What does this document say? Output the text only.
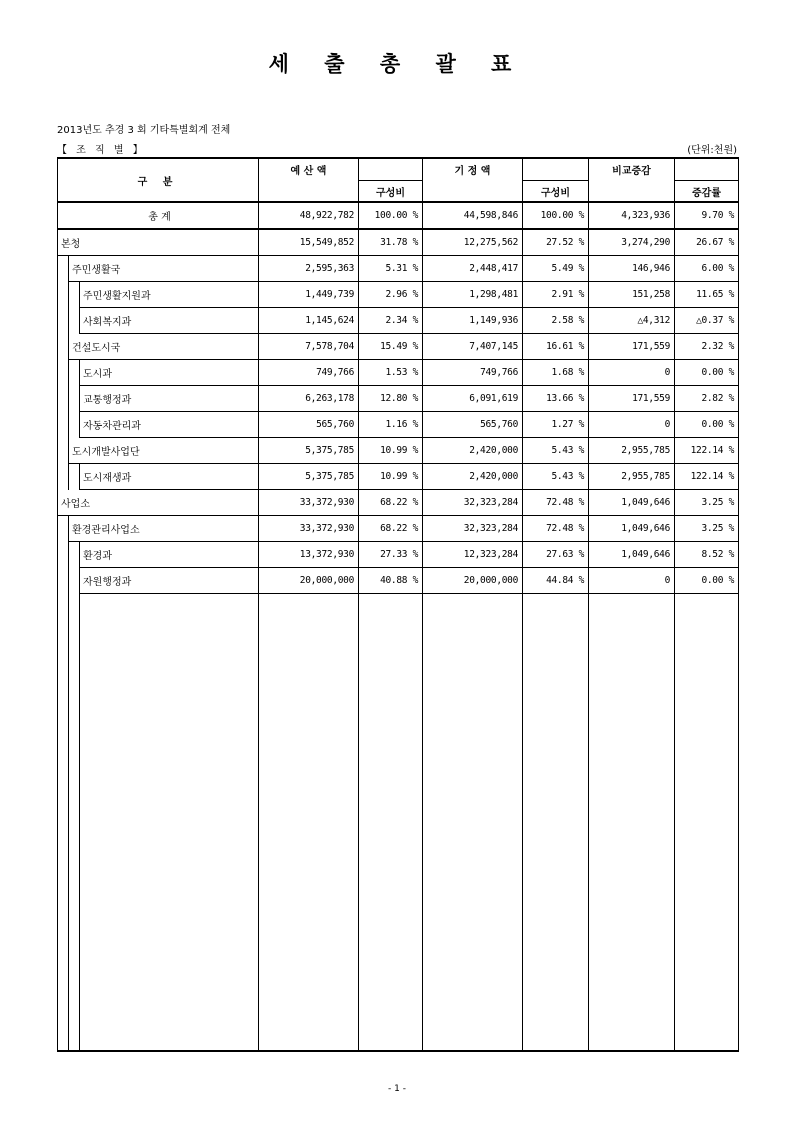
세 출 총 괄 표
2013년도 추경 3 회 기타특별회계 전체
【 조 직 별 】	(단위:천원)
구 분			예 산 액		기 정 액		비교증감	
				구성비		구성비		증감률
총 계			48,922,782	100.00 %	44,598,846	100.00 %	4,323,936	9.70 %
본청			15,549,852	31.78 %	12,275,562	27.52 %	3,274,290	26.67 %
	주민생활국		2,595,363	5.31 %	2,448,417	5.49 %	146,946	6.00 %
		주민생활지원과	1,449,739	2.96 %	1,298,481	2.91 %	151,258	11.65 %
		사회복지과	1,145,624	2.34 %	1,149,936	2.58 %	△4,312	△0.37 %
	건설도시국		7,578,704	15.49 %	7,407,145	16.61 %	171,559	2.32 %
		도시과	749,766	1.53 %	749,766	1.68 %	0	0.00 %
		교통행정과	6,263,178	12.80 %	6,091,619	13.66 %	171,559	2.82 %
		자동차관리과	565,760	1.16 %	565,760	1.27 %	0	0.00 %
	도시개발사업단		5,375,785	10.99 %	2,420,000	5.43 %	2,955,785	122.14 %
		도시재생과	5,375,785	10.99 %	2,420,000	5.43 %	2,955,785	122.14 %
사업소			33,372,930	68.22 %	32,323,284	72.48 %	1,049,646	3.25 %
	환경관리사업소		33,372,930	68.22 %	32,323,284	72.48 %	1,049,646	3.25 %
		환경과	13,372,930	27.33 %	12,323,284	27.63 %	1,049,646	8.52 %
		자원행정과	20,000,000	40.88 %	20,000,000	44.84 %	0	0.00 %

- 1 -
